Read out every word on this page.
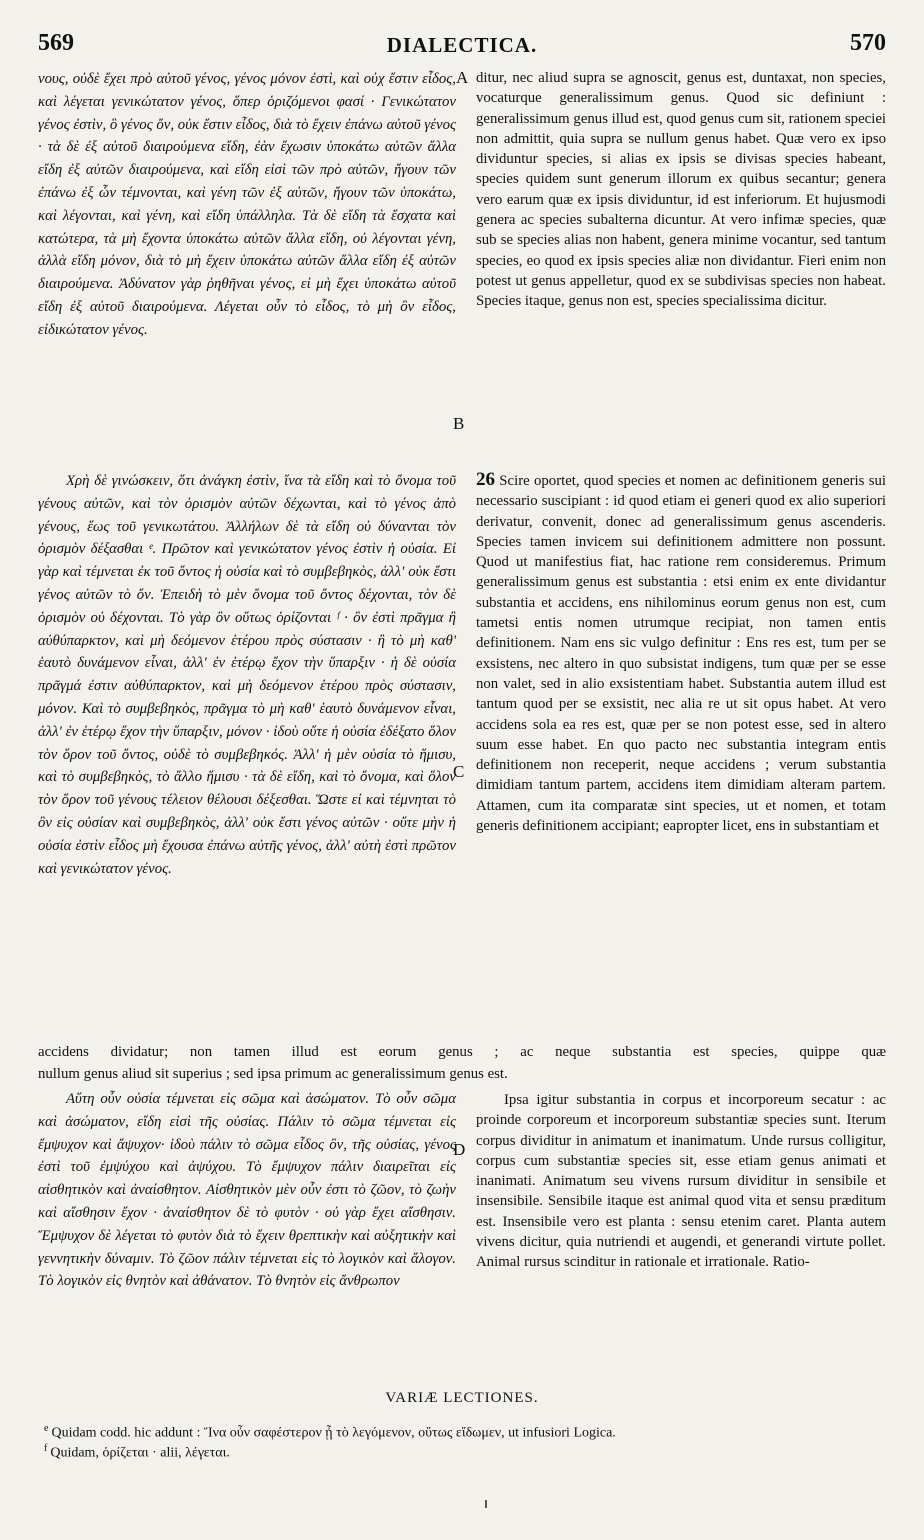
569	DIALECTICA.	570

νους, οὐδὲ ἔχει πρὸ αὐτοῦ γένος, γένος μόνον ἐστὶ, καὶ οὐχ ἔστιν εἶδος, καὶ λέγεται γενικώτατον γένος, ὅπερ ὁριζόμενοι φασί · Γενικώτατον γένος ἐστὶν, ὃ γένος ὄν, οὐκ ἔστιν εἶδος, διὰ τὸ ἔχειν ἐπάνω αὐτοῦ γένος · τὰ δὲ ἐξ αὐτοῦ διαιρούμενα εἴδη, ἐὰν ἔχωσιν ὑποκάτω αὐτῶν ἄλλα εἴδη ἐξ αὐτῶν διαιρούμενα, καὶ εἴδη εἰσὶ τῶν πρὸ αὐτῶν, ἤγουν τῶν ἐπάνω ἐξ ὧν τέμνονται, καὶ γένη τῶν ἐξ αὐτῶν, ἤγουν τῶν ὑποκάτω, καὶ λέγονται, καὶ γένη, καὶ εἴδη ὑπάλληλα. Τὰ δὲ εἴδη τὰ ἔσχατα καὶ κατώτερα, τὰ μὴ ἔχοντα ὑποκάτω αὐτῶν ἄλλα εἴδη, οὐ λέγονται γένη, ἀλλὰ εἴδη μόνον, διὰ τὸ μὴ ἔχειν ὑποκάτω αὐτῶν ἄλλα εἴδη ἐξ αὐτῶν διαιρούμενα. Ἀδύνατον γὰρ ῥηθῆναι γένος, εἰ μὴ ἔχει ὑποκάτω αὐτοῦ εἴδη ἐξ αὐτοῦ διαιρούμενα. Λέγεται οὖν τὸ εἶδος, τὸ μὴ ὂν εἶδος, εἰδικώτατον γένος.

ditur, nec aliud supra se agnoscit, genus est, duntaxat, non species, vocaturque generalissimum genus. Quod sic definiunt : generalissimum genus illud est, quod genus cum sit, rationem speciei non admittit, quia supra se nullum genus habet. Quæ vero ex ipso dividuntur species, si alias ex ipsis se divisas species habeant, species quidem sunt generum illorum ex quibus secantur; genera vero earum quæ ex ipsis dividuntur, id est inferiorum. Et hujusmodi genera ac species subalterna dicuntur. At vero infimæ species, quæ sub se species alias non habent, genera minime vocantur, sed tantum species, eo quod ex ipsis species aliæ non dividantur. Fieri enim non potest ut genus appelletur, quod ex se subdivisas species non habeat. Species itaque, genus non est, species specialissima dicitur.

Χρὴ δὲ γινώσκειν, ὅτι ἀνάγκη ἐστὶν, ἵνα τὰ εἴδη καὶ τὸ ὄνομα τοῦ γένους αὐτῶν, καὶ τὸν ὁρισμὸν αὐτῶν δέχωνται, καὶ τὸ γένος ἀπὸ γένους, ἕως τοῦ γενικωτάτου. Ἀλλήλων δὲ τὰ εἴδη οὐ δύνανται τὸν ὁρισμὸν δέξασθαι ᵉ. Πρῶτον καὶ γενικώτατον γένος ἐστὶν ἡ οὐσία. Εἰ γὰρ καὶ τέμνεται ἐκ τοῦ ὄντος ἡ οὐσία καὶ τὸ συμβεβηκὸς, ἀλλ' οὐκ ἔστι γένος αὐτῶν τὸ ὄν. Ἐπειδὴ τὸ μὲν ὄνομα τοῦ ὄντος δέχονται, τὸν δὲ ὁρισμὸν οὐ δέχονται. Τὸ γὰρ ὂν οὕτως ὁρίζονται ᶠ · ὂν ἐστὶ πρᾶγμα ἢ αὐθύπαρκτον, καὶ μὴ δεόμενον ἑτέρου πρὸς σύστασιν · ἢ τὸ μὴ καθ' ἑαυτὸ δυνάμενον εἶναι, ἀλλ' ἐν ἑτέρῳ ἔχον τὴν ὕπαρξιν · ἡ δὲ οὐσία πρᾶγμά ἐστιν αὐθύπαρκτον, καὶ μὴ δεόμενον ἑτέρου πρὸς σύστασιν, μόνον. Καὶ τὸ συμβεβηκὸς, πρᾶγμα τὸ μὴ καθ' ἑαυτὸ δυνάμενον εἶναι, ἀλλ' ἐν ἑτέρῳ ἔχον τὴν ὕπαρξιν, μόνον · ἰδοὺ οὔτε ἡ οὐσία ἐδέξατο ὅλον τὸν ὅρον τοῦ ὄντος, οὐδὲ τὸ συμβεβηκός. Ἀλλ' ἡ μὲν οὐσία τὸ ἥμισυ, καὶ τὸ συμβεβηκὸς, τὸ ἄλλο ἥμισυ · τὰ δὲ εἴδη, καὶ τὸ ὄνομα, καὶ ὅλον τὸν ὅρον τοῦ γένους τέλειον θέλουσι δέξεσθαι. Ὥστε εἰ καὶ τέμνηται τὸ ὂν εἰς οὐσίαν καὶ συμβεβηκὸς, ἀλλ' οὐκ ἔστι γένος αὐτῶν · οὔτε μὴν ἡ οὐσία ἐστὶν εἶδος μὴ ἔχουσα ἐπάνω αὐτῆς γένος, ἀλλ' αὐτὴ ἐστὶ πρῶτον καὶ γενικώτατον γένος.

26 Scire oportet, quod species et nomen ac definitionem generis sui necessario suscipiant : id quod etiam ei generi quod ex alio superiori derivatur, convenit, donec ad generalissimum genus ascenderis. Species tamen invicem sui definitionem admittere non possunt. Quod ut manifestius fiat, hac ratione rem consideremus. Primum generalissimum genus est substantia : etsi enim ex ente dividantur substantia et accidens, ens nihilominus eorum genus non est, cum tametsi entis nomen utrumque recipiat, non tamen entis definitionem. Nam ens sic vulgo definitur : Ens res est, tum per se exsistens, nec altero in quo subsistat indigens, tum quæ per se esse non valet, sed in alio exsistentiam habet. Substantia autem illud est tantum quod per se exsistit, nec alia re ut sit opus habet. At vero accidens sola ea res est, quæ per se non potest esse, sed in altero suum esse habet. En quo pacto nec substantia integram entis definitionem non receperit, neque accidens ; verum substantia dimidiam tantum partem, accidens item dimidiam alteram partem. Attamen, cum ita comparatæ sint species, ut et nomen, et totam generis definitionem accipiant; eapropter licet, ens in substantiam et

accidens dividatur; non tamen illud est eorum genus ; ac neque substantia est species, quippe quæ

nullum genus aliud sit superius ; sed ipsa primum ac generalissimum genus est.

Αὕτη οὖν οὐσία τέμνεται εἰς σῶμα καὶ ἀσώματον. Τὸ οὖν σῶμα καὶ ἀσώματον, εἴδη εἰσὶ τῆς οὐσίας. Πάλιν τὸ σῶμα τέμνεται εἰς ἔμψυχον καὶ ἄψυχον· ἰδοὺ πάλιν τὸ σῶμα εἶδος ὂν, τῆς οὐσίας, γένος ἐστὶ τοῦ ἐμψύχου καὶ ἀψύχου. Τὸ ἔμψυχον πάλιν διαιρεῖται εἰς αἰσθητικὸν καὶ ἀναίσθητον. Αἰσθητικὸν μὲν οὖν ἐστι τὸ ζῶον, τὸ ζωὴν καὶ αἴσθησιν ἔχον · ἀναίσθητον δὲ τὸ φυτὸν · οὐ γὰρ ἔχει αἴσθησιν. Ἔμψυχον δὲ λέγεται τὸ φυτὸν διὰ τὸ ἔχειν θρεπτικὴν καὶ αὐξητικὴν καὶ γεννητικὴν δύναμιν. Τὸ ζῶον πάλιν τέμνεται εἰς τὸ λογικὸν καὶ ἄλογον. Τὸ λογικὸν εἰς θνητὸν καὶ ἀθάνατον. Τὸ θνητὸν εἰς ἄνθρωπον

Ipsa igitur substantia in corpus et incorporeum secatur : ac proinde corporeum et incorporeum substantiæ species sunt. Iterum corpus dividitur in animatum et inanimatum. Unde rursus colligitur, corpus cum substantiæ species sit, esse etiam genus animati et inanimati. Animatum seu vivens rursum dividitur in sensibile et insensibile. Sensibile itaque est animal quod vita et sensu præditum est. Insensibile vero est planta : sensu etenim caret. Planta autem vivens dicitur, quia nutriendi et augendi, et generandi virtute pollet. Animal rursus scinditur in rationale et irrationale. Ratio-

A
B
C
D
VARIÆ LECTIONES.
$^e$ Quidam codd. hic addunt : Ἵνα οὖν σαφέστερον ᾖ τὸ λεγόμενον, οὕτως εἴδωμεν, ut infusiori Logica.
$^f$ Quidam, ὁρίζεται · alii, λέγεται.
